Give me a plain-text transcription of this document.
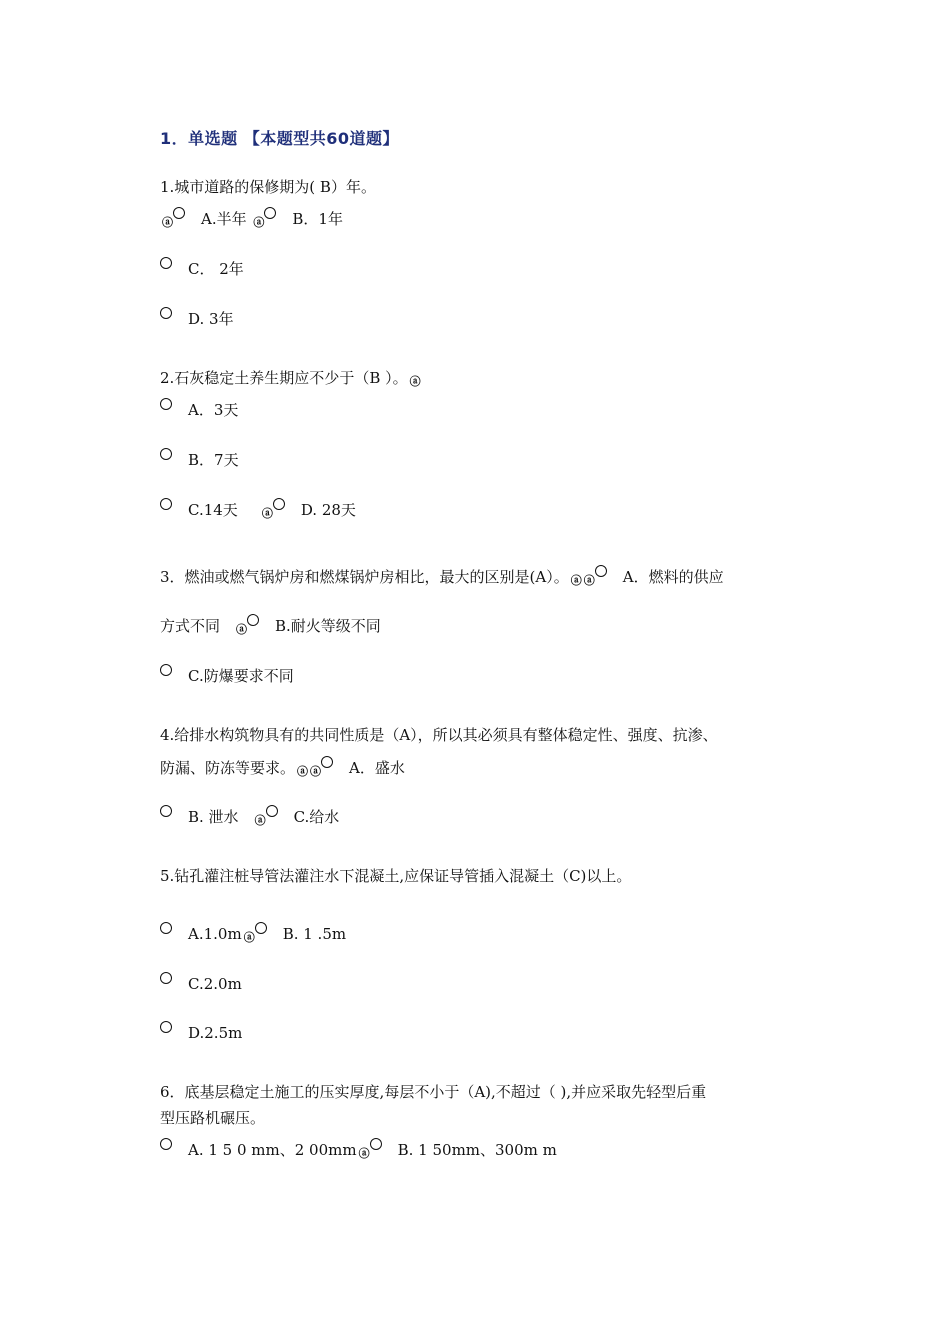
1．单选题 【本题型共60道题】
1.城市道路的保修期为( B）年。
ⓐ A.半年 ⓐ B．1年
C． 2年
D. 3年
2.石灰稳定土养生期应不少于（B ）。 ⓐ
A．3天
B．7天
C.14天 ⓐ D. 28天
3．燃油或燃气锅炉房和燃煤锅炉房相比，最大的区别是(A）。 ⓐ ⓐ A．燃料的供应
方式不同 ⓐ B.耐火等级不同
C.防爆要求不同
4.给排水构筑物具有的共同性质是（A），所以其必须具有整体稳定性、强度、抗渗、
防漏、防冻等要求。 ⓐ ⓐ A．盛水
B. 泄水 ⓐ C.给水
5.钻孔灌注桩导管法灌注水下混凝土,应保证导管插入混凝土（C)以上。
A.1.0m ⓐ B. 1 .5m
C.2.0m
D.2.5m
6．底基层稳定土施工的压实厚度,每层不小于（A),不超过（ ),并应采取先轻型后重
型压路机碾压。
A. 1 5 0 mm、2 00mm ⓐ B. 1 50mm、300m m
